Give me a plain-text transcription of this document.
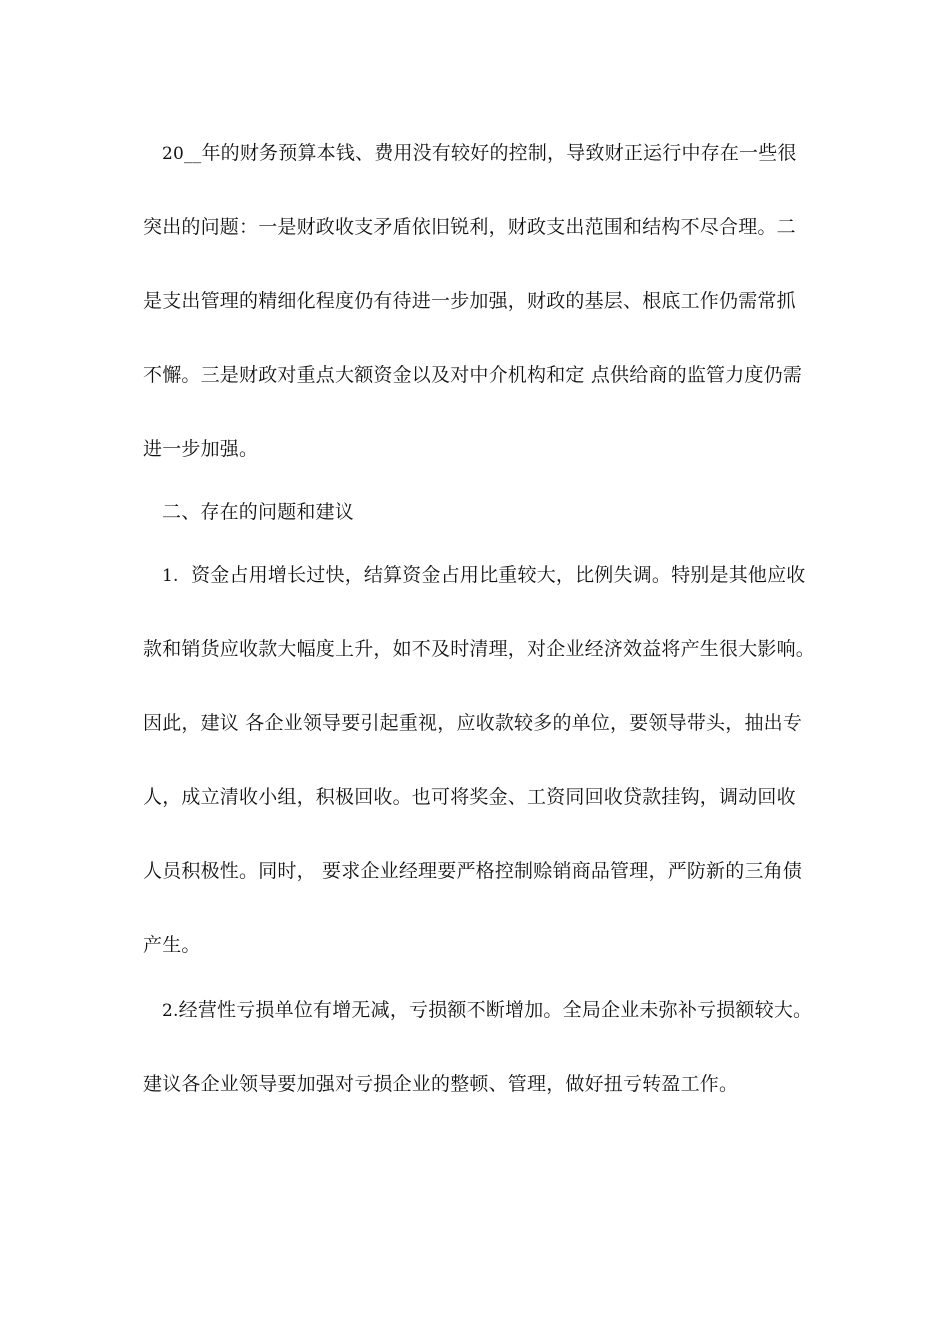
20__年的财务预算本钱、费用没有较好的控制，导致财正运行中存在一些很
突出的问题：一是财政收支矛盾依旧锐利，财政支出范围和结构不尽合理。二
是支出管理的精细化程度仍有待进一步加强，财政的基层、根底工作仍需常抓
不懈。三是财政对重点大额资金以及对中介机构和定 点供给商的监管力度仍需
进一步加强。
二、存在的问题和建议
1. 资金占用增长过快，结算资金占用比重较大，比例失调。特别是其他应收
款和销货应收款大幅度上升，如不及时清理，对企业经济效益将产生很大影响。
因此，建议 各企业领导要引起重视，应收款较多的单位，要领导带头，抽出专
人，成立清收小组，积极回收。也可将奖金、工资同回收贷款挂钩，调动回收
人员积极性。同时， 要求企业经理要严格控制赊销商品管理，严防新的三角债
产生。
2.经营性亏损单位有增无减，亏损额不断增加。全局企业未弥补亏损额较大。
建议各企业领导要加强对亏损企业的整顿、管理，做好扭亏转盈工作。
